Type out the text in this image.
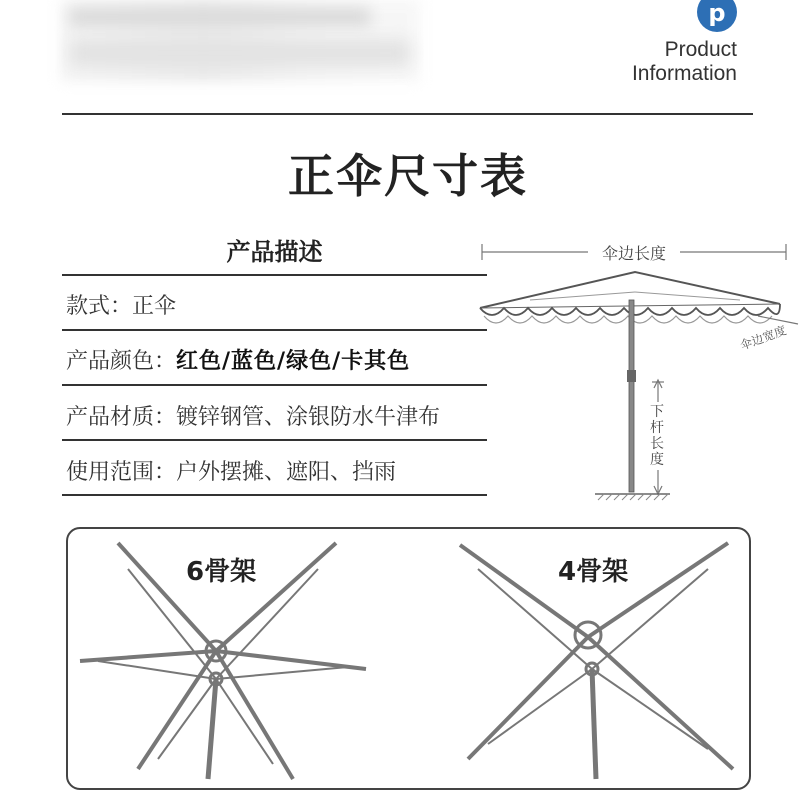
p
Product
Information
正伞尺寸表
产品描述
款式：正伞
产品颜色：红色/蓝色/绿色/卡其色
产品材质：镀锌钢管、涂银防水牛津布
使用范围：户外摆摊、遮阳、挡雨
伞边长度
伞边宽度
下 杆 长 度
6骨架	4骨架
